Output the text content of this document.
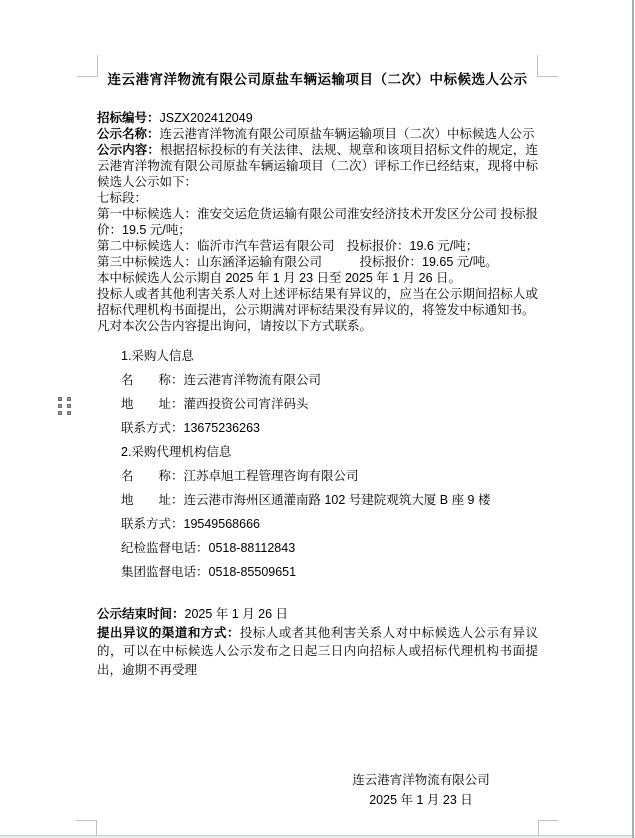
连云港宵洋物流有限公司原盐车辆运输项目（二次）中标候选人公示

招标编号：JSZX202412049

公示名称：连云港宵洋物流有限公司原盐车辆运输项目（二次）中标候选人公示

公示内容：根据招标投标的有关法律、法规、规章和该项目招标文件的规定，连云港宵洋物流有限公司原盐车辆运输项目（二次）评标工作已经结束，现将中标候选人公示如下：

七标段：

第一中标候选人：淮安交运危货运输有限公司淮安经济技术开发区分公司 投标报价：19.5 元/吨；

第二中标候选人：临沂市汽车营运有限公司　投标报价：19.6 元/吨；

第三中标候选人：山东涵泽运输有限公司　　　投标报价：19.65 元/吨。

本中标候选人公示期自 2025 年 1 月 23 日至 2025 年 1 月 26 日。

投标人或者其他利害关系人对上述评标结果有异议的，应当在公示期间招标人或招标代理机构书面提出，公示期满对评标结果没有异议的，将签发中标通知书。

凡对本次公告内容提出询问，请按以下方式联系。

1.采购人信息
名　　称：连云港宵洋物流有限公司
地　　址：灌西投资公司宵洋码头
联系方式：13675236263
2.采购代理机构信息
名　　称：江苏卓旭工程管理咨询有限公司
地　　址：连云港市海州区通灌南路 102 号建院观筑大厦 B 座 9 楼
联系方式：19549568666
纪检监督电话：0518-88112843
集团监督电话：0518-85509651

公示结束时间：2025 年 1 月 26 日

提出异议的渠道和方式：投标人或者其他利害关系人对中标候选人公示有异议的，可以在中标候选人公示发布之日起三日内向招标人或招标代理机构书面提出，逾期不再受理

连云港宵洋物流有限公司
2025 年 1 月 23 日
